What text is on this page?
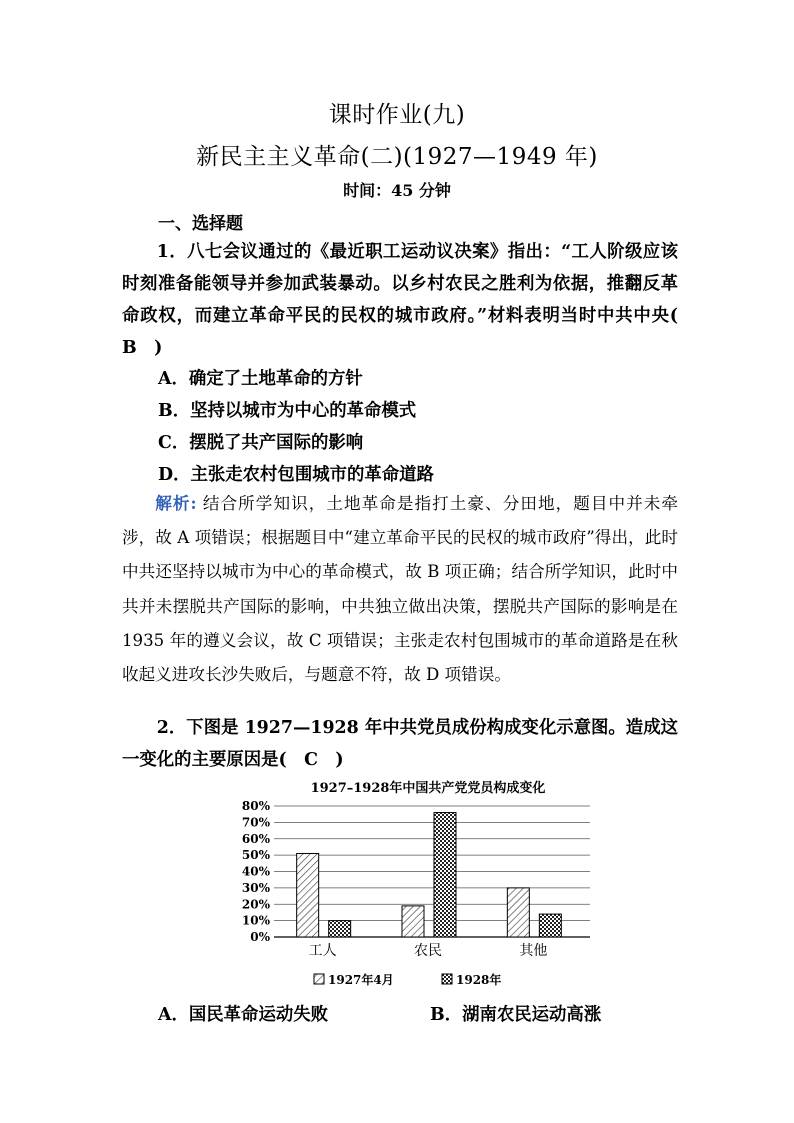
课时作业(九)
新民主主义革命(二)(1927—1949 年)
时间：45 分钟
一、选择题
1．八七会议通过的《最近职工运动议决案》指出：“工人阶级应该时刻准备能领导并参加武装暴动。以乡村农民之胜利为依据，推翻反革命政权，而建立革命平民的民权的城市政府。”材料表明当时中共中央(　B　)
A．确定了土地革命的方针
B．坚持以城市为中心的革命模式
C．摆脱了共产国际的影响
D．主张走农村包围城市的革命道路
解析: 结合所学知识，土地革命是指打土豪、分田地，题目中并未牵涉，故 A 项错误；根据题目中“建立革命平民的民权的城市政府”得出，此时中共还坚持以城市为中心的革命模式，故 B 项正确；结合所学知识，此时中共并未摆脱共产国际的影响，中共独立做出决策，摆脱共产国际的影响是在 1935 年的遵义会议，故 C 项错误；主张走农村包围城市的革命道路是在秋收起义进攻长沙失败后，与题意不符，故 D 项错误。
2．下图是 1927—1928 年中共党员成份构成变化示意图。造成这一变化的主要原因是(　C　)
1927–1928年中国共产党党员构成变化
0%
10%
20%
30%
40%
50%
60%
70%
80%
工人	农民	其他
1927年4月	1928年
A．国民革命运动失败	B．湖南农民运动高涨
